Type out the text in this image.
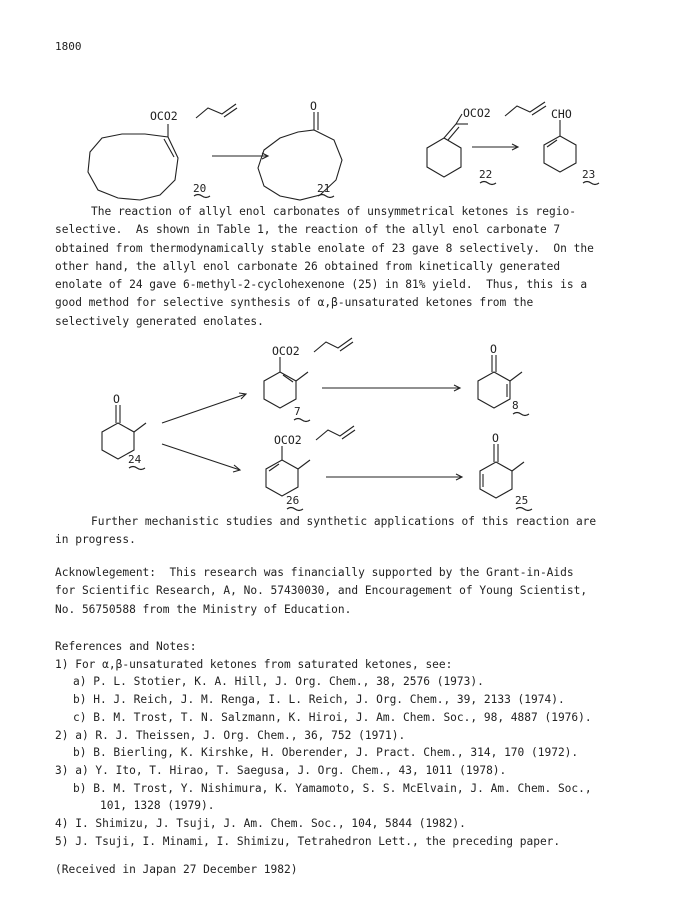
1800
OCO2
20
O
21
OCO2
22
CHO
23
The reaction of allyl enol carbonates of unsymmetrical ketones is regio-
selective.  As shown in Table 1, the reaction of the allyl enol carbonate 7
obtained from thermodynamically stable enolate of 23 gave 8 selectively.  On the
other hand, the allyl enol carbonate 26 obtained from kinetically generated
enolate of 24 gave 6-methyl-2-cyclohexenone (25) in 81% yield.  Thus, this is a
good method for selective synthesis of α,β-unsaturated ketones from the
selectively generated enolates.
O
24
OCO2
7
O
8
OCO2
26
O
25
Further mechanistic studies and synthetic applications of this reaction are
in progress.
Acknowlegement:  This research was financially supported by the Grant-in-Aids
for Scientific Research, A, No. 57430030, and Encouragement of Young Scientist,
No. 56750588 from the Ministry of Education.
References and Notes:
1) For α,β-unsaturated ketones from saturated ketones, see:
a) P. L. Stotier, K. A. Hill, J. Org. Chem., 38, 2576 (1973).
b) H. J. Reich, J. M. Renga, I. L. Reich, J. Org. Chem., 39, 2133 (1974).
c) B. M. Trost, T. N. Salzmann, K. Hiroi, J. Am. Chem. Soc., 98, 4887 (1976).
2) a) R. J. Theissen, J. Org. Chem., 36, 752 (1971).
b) B. Bierling, K. Kirshke, H. Oberender, J. Pract. Chem., 314, 170 (1972).
3) a) Y. Ito, T. Hirao, T. Saegusa, J. Org. Chem., 43, 1011 (1978).
b) B. M. Trost, Y. Nishimura, K. Yamamoto, S. S. McElvain, J. Am. Chem. Soc.,
101, 1328 (1979).
4) I. Shimizu, J. Tsuji, J. Am. Chem. Soc., 104, 5844 (1982).
5) J. Tsuji, I. Minami, I. Shimizu, Tetrahedron Lett., the preceding paper.
(Received in Japan 27 December 1982)
